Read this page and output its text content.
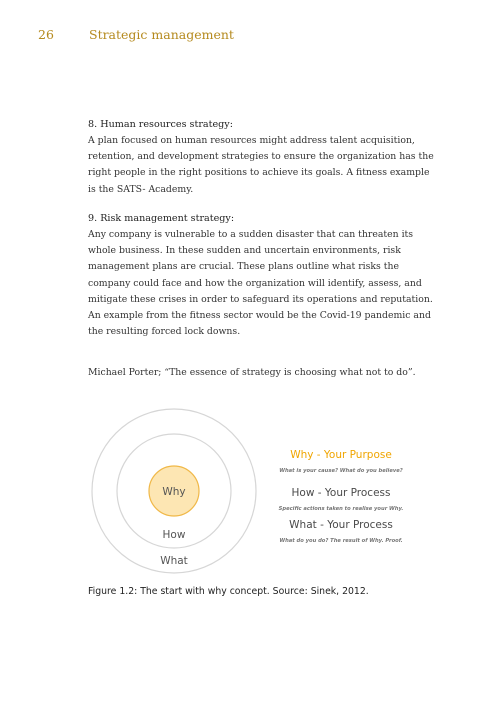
26	Strategic management
8. Human resources strategy:
A plan focused on human resources might address talent acquisition, retention, and development strategies to ensure the organization has the right people in the right positions to achieve its goals. A fitness example is the SATS- Academy.
9. Risk management strategy:
Any company is vulnerable to a sudden disaster that can threaten its whole business. In these sudden and uncertain environments, risk management plans are crucial. These plans outline what risks the company could face and how the organization will identify, assess, and mitigate these crises in order to safeguard its operations and reputation. An example from the fitness sector would be the Covid-19 pandemic and the resulting forced lock downs.
Michael Porter; “The essence of strategy is choosing what not to do”.
Why
How
What
Why - Your Purpose
What is your cause? What do you believe?
How - Your Process
Specific actions taken to realise your Why.
What - Your Process
What do you do? The result of Why. Proof.
Figure 1.2: The start with why concept. Source: Sinek, 2012.
